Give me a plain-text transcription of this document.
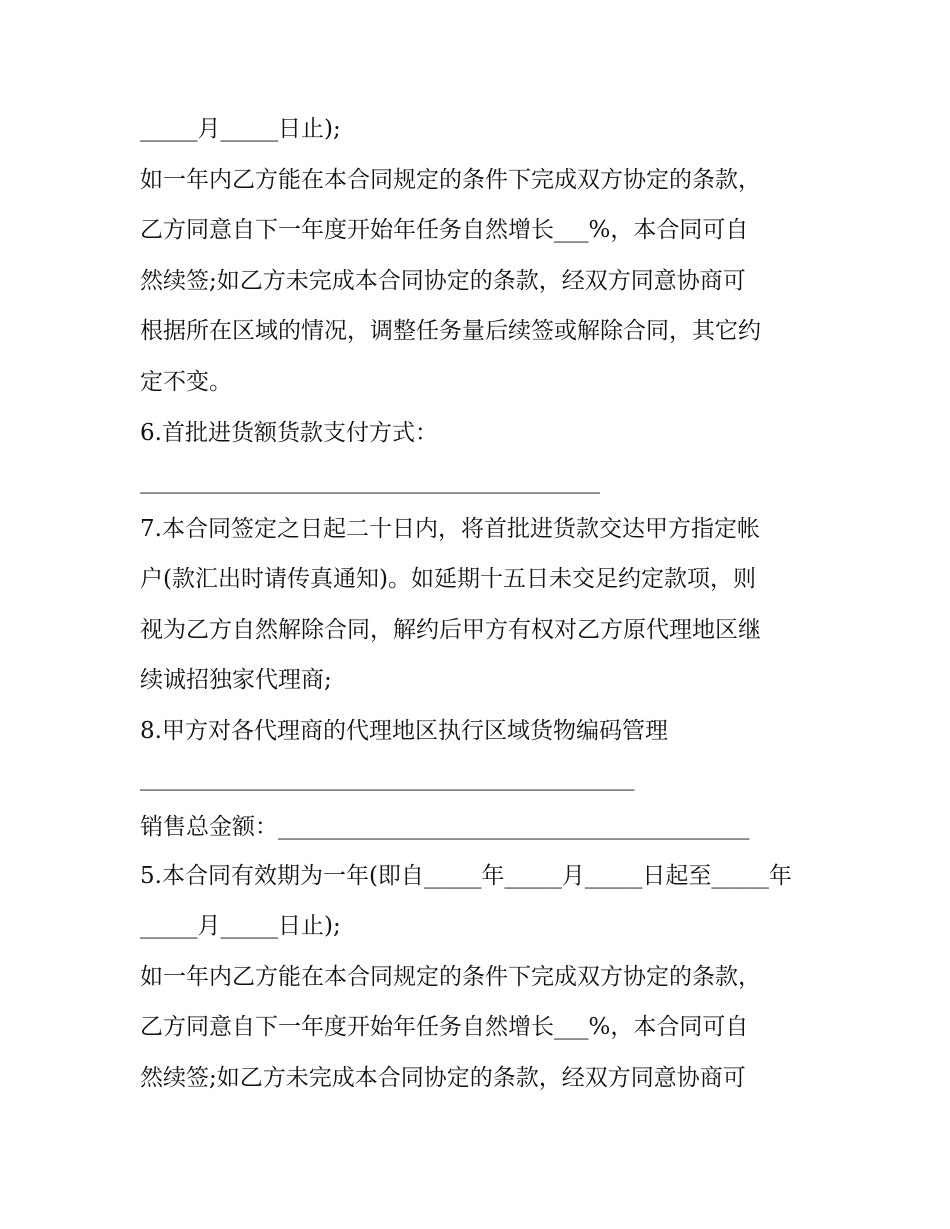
_____月_____日止);
如一年内乙方能在本合同规定的条件下完成双方协定的条款，
乙方同意自下一年度开始年任务自然增长___%，本合同可自
然续签;如乙方未完成本合同协定的条款，经双方同意协商可
根据所在区域的情况，调整任务量后续签或解除合同，其它约
定不变。
6.首批进货额货款支付方式：
________________________________________
7.本合同签定之日起二十日内，将首批进货款交达甲方指定帐
户(款汇出时请传真通知)。如延期十五日未交足约定款项，则
视为乙方自然解除合同，解约后甲方有权对乙方原代理地区继
续诚招独家代理商;
8.甲方对各代理商的代理地区执行区域货物编码管理
___________________________________________
销售总金额：_________________________________________
5.本合同有效期为一年(即自_____年_____月_____日起至_____年
_____月_____日止);
如一年内乙方能在本合同规定的条件下完成双方协定的条款，
乙方同意自下一年度开始年任务自然增长___%，本合同可自
然续签;如乙方未完成本合同协定的条款，经双方同意协商可
